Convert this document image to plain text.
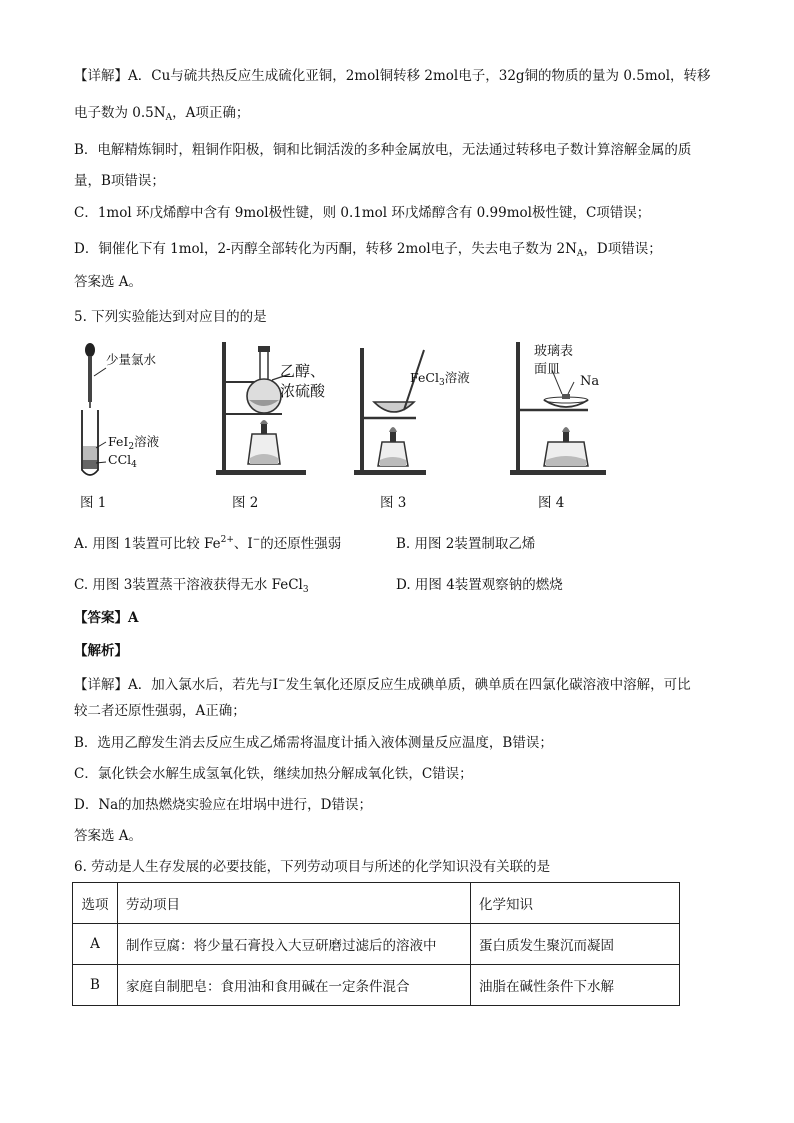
【详解】A．Cu与硫共热反应生成硫化亚铜，2mol铜转移 2mol电子，32g铜的物质的量为 0.5mol，转移
电子数为 $0.5N_A$，A项正确；
B．电解精炼铜时，粗铜作阳极，铜和比铜活泼的多种金属放电，无法通过转移电子数计算溶解金属的质
量，B项错误；
C．1mol 环戊烯醇中含有 9mol极性键，则 0.1mol 环戊烯醇含有 0.99mol极性键，C项错误；
D．铜催化下有 1mol，2-丙醇全部转化为丙酮，转移 2mol电子，失去电子数为 $2N_A$，D项错误；
答案选 A。
5. 下列实验能达到对应目的的是
少量氯水
FeI$_2$溶液
CCl$_4$
图 1
乙醇、
浓硫酸
图 2
FeCl$_3$溶液
图 3
玻璃表
面皿
Na
图 4
A. 用图 1装置可比较 $Fe^{2+}$、I−的还原性强弱	B. 用图 2装置制取乙烯
C. 用图 3装置蒸干溶液获得无水 FeCl$_3$	D. 用图 4装置观察钠的燃烧
【答案】A
【解析】
【详解】A．加入氯水后，若先与I−发生氧化还原反应生成碘单质，碘单质在四氯化碳溶液中溶解，可比
较二者还原性强弱，A正确；
B．选用乙醇发生消去反应生成乙烯需将温度计插入液体测量反应温度，B错误；
C．氯化铁会水解生成氢氧化铁，继续加热分解成氧化铁，C错误；
D．Na的加热燃烧实验应在坩埚中进行，D错误；
答案选 A。
6. 劳动是人生存发展的必要技能，下列劳动项目与所述的化学知识没有关联的是
选项	劳动项目	化学知识
A	制作豆腐：将少量石膏投入大豆研磨过滤后的溶液中	蛋白质发生聚沉而凝固
B	家庭自制肥皂：食用油和食用碱在一定条件混合	油脂在碱性条件下水解
